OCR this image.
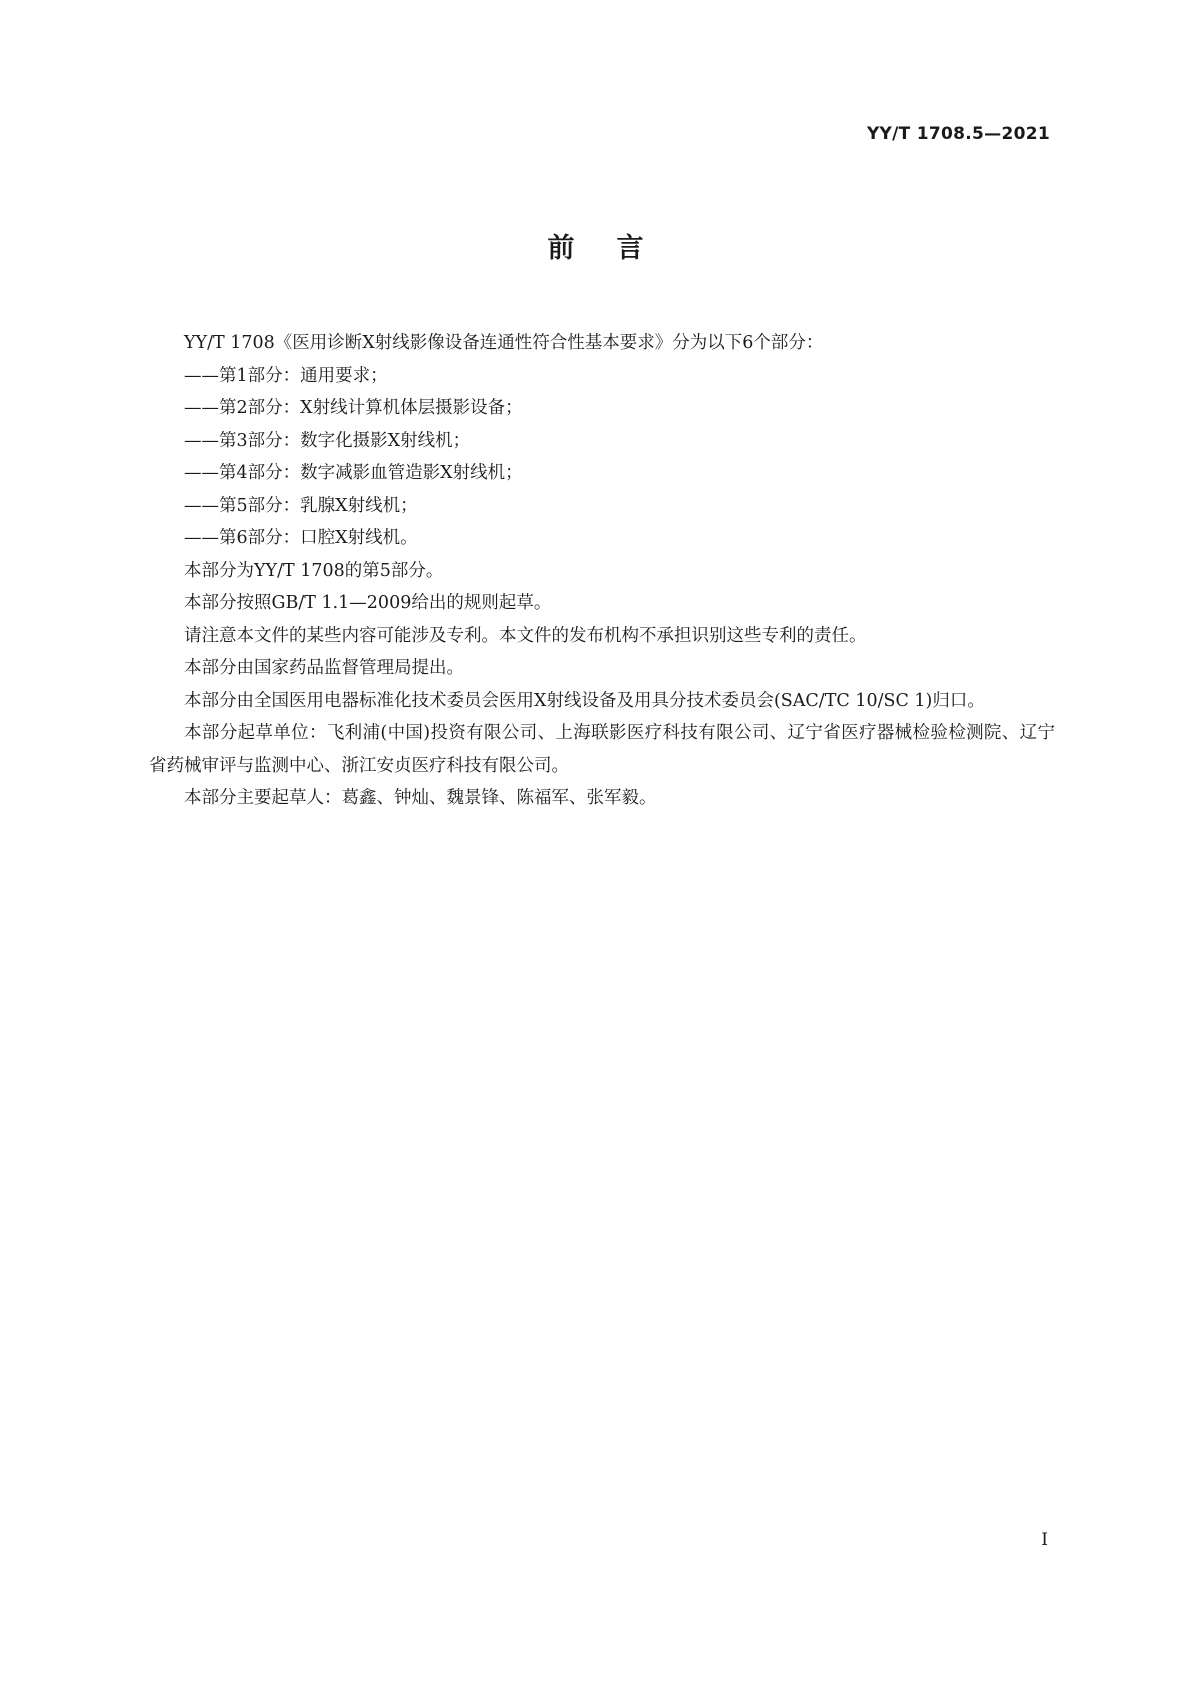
YY/T 1708.5—2021
前言

YY/T 1708《医用诊断X射线影像设备连通性符合性基本要求》分为以下6个部分：

——第1部分：通用要求；

——第2部分：X射线计算机体层摄影设备；

——第3部分：数字化摄影X射线机；

——第4部分：数字减影血管造影X射线机；

——第5部分：乳腺X射线机；

——第6部分：口腔X射线机。

本部分为YY/T 1708的第5部分。

本部分按照GB/T 1.1—2009给出的规则起草。

请注意本文件的某些内容可能涉及专利。本文件的发布机构不承担识别这些专利的责任。

本部分由国家药品监督管理局提出。

本部分由全国医用电器标准化技术委员会医用X射线设备及用具分技术委员会(SAC/TC 10/SC 1)归口。

本部分起草单位：飞利浦(中国)投资有限公司、上海联影医疗科技有限公司、辽宁省医疗器械检验检测院、辽宁省药械审评与监测中心、浙江安贞医疗科技有限公司。

本部分主要起草人：葛鑫、钟灿、魏景锋、陈福军、张军毅。

I
